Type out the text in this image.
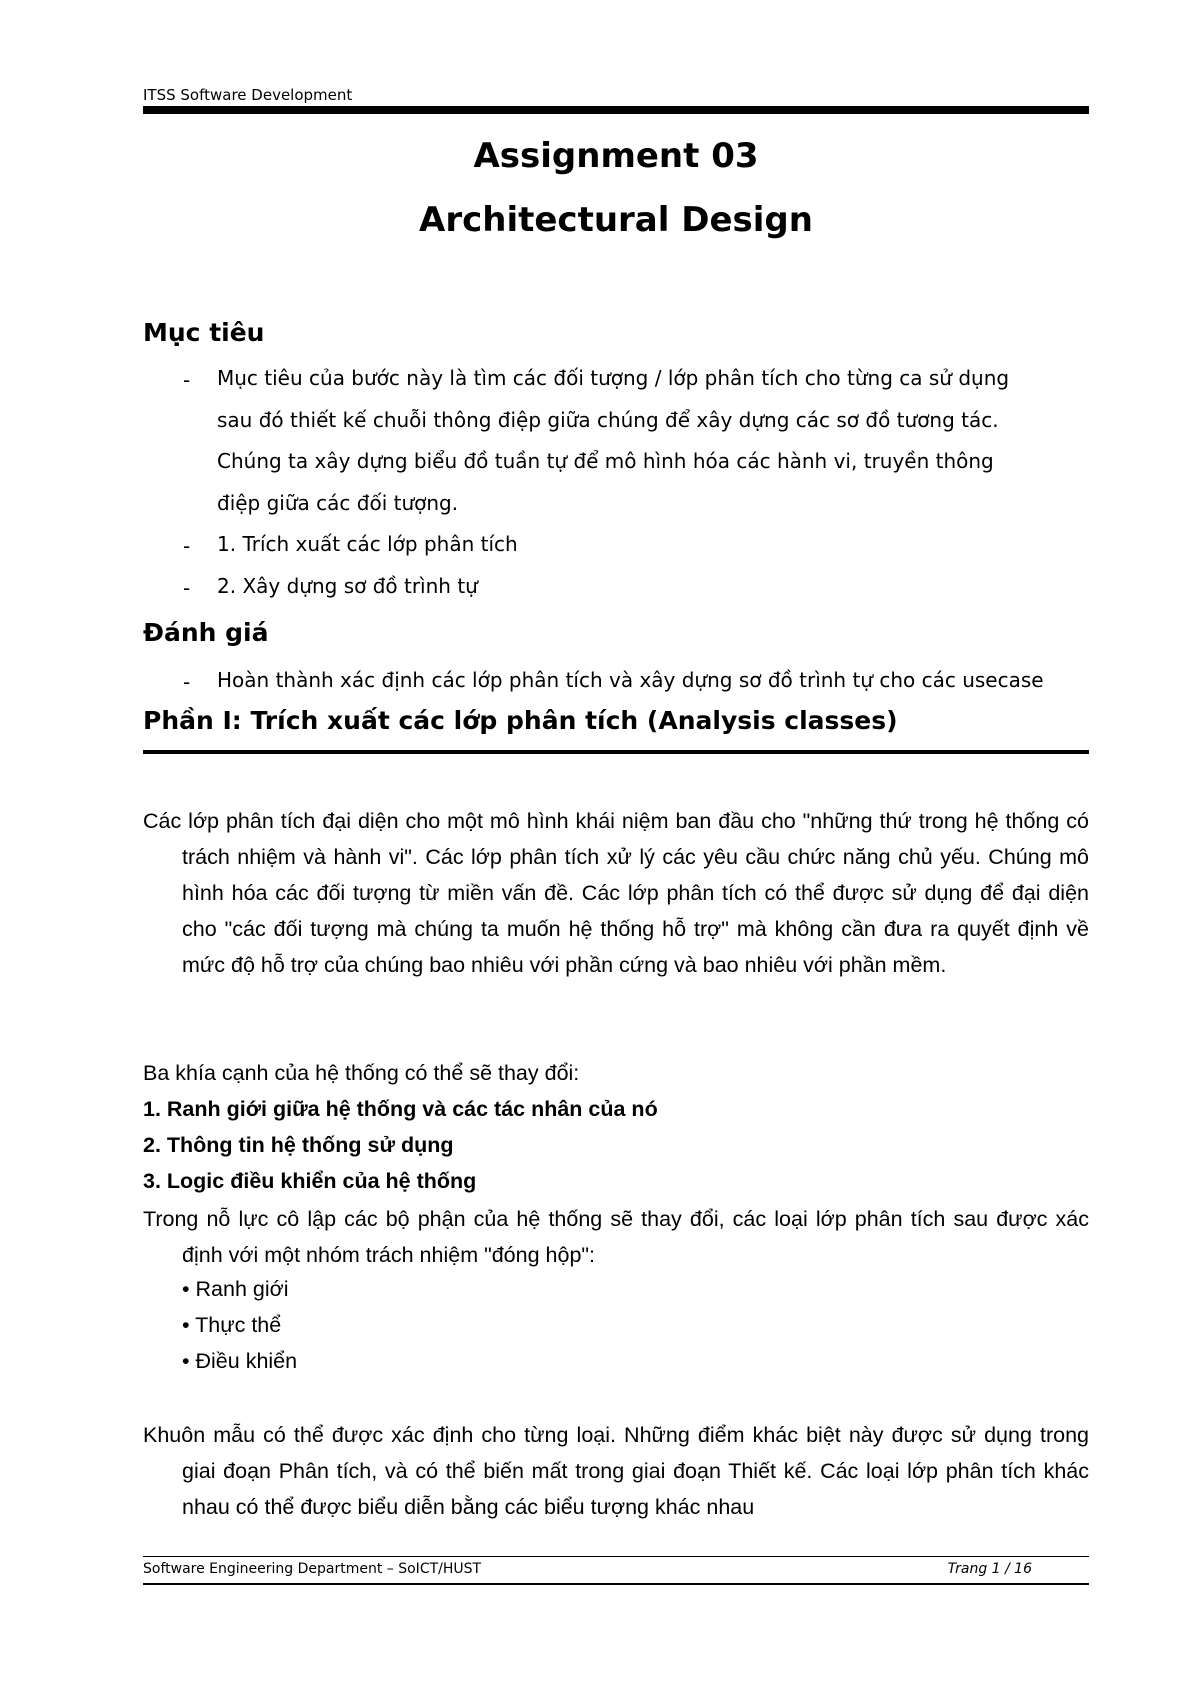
ITSS Software Development
Assignment 03
Architectural Design
Mục tiêu
- Mục tiêu của bước này là tìm các đối tượng / lớp phân tích cho từng ca sử dụng
sau đó thiết kế chuỗi thông điệp giữa chúng để xây dựng các sơ đồ tương tác.
Chúng ta xây dựng biểu đồ tuần tự để mô hình hóa các hành vi, truyền thông
điệp giữa các đối tượng.
- 1. Trích xuất các lớp phân tích
- 2. Xây dựng sơ đồ trình tự
Đánh giá
- Hoàn thành xác định các lớp phân tích và xây dựng sơ đồ trình tự cho các usecase
Phần I: Trích xuất các lớp phân tích (Analysis classes)
Các lớp phân tích đại diện cho một mô hình khái niệm ban đầu cho "những thứ trong hệ thống có trách nhiệm và hành vi". Các lớp phân tích xử lý các yêu cầu chức năng chủ yếu. Chúng mô hình hóa các đối tượng từ miền vấn đề. Các lớp phân tích có thể được sử dụng để đại diện cho "các đối tượng mà chúng ta muốn hệ thống hỗ trợ" mà không cần đưa ra quyết định về mức độ hỗ trợ của chúng bao nhiêu với phần cứng và bao nhiêu với phần mềm.
Ba khía cạnh của hệ thống có thể sẽ thay đổi:
1. Ranh giới giữa hệ thống và các tác nhân của nó
2. Thông tin hệ thống sử dụng
3. Logic điều khiển của hệ thống
Trong nỗ lực cô lập các bộ phận của hệ thống sẽ thay đổi, các loại lớp phân tích sau được xác định với một nhóm trách nhiệm "đóng hộp":
• Ranh giới
• Thực thể
• Điều khiển
Khuôn mẫu có thể được xác định cho từng loại. Những điểm khác biệt này được sử dụng trong giai đoạn Phân tích, và có thể biến mất trong giai đoạn Thiết kế. Các loại lớp phân tích khác nhau có thể được biểu diễn bằng các biểu tượng khác nhau
Software Engineering Department – SoICT/HUST	Trang 1 / 16
